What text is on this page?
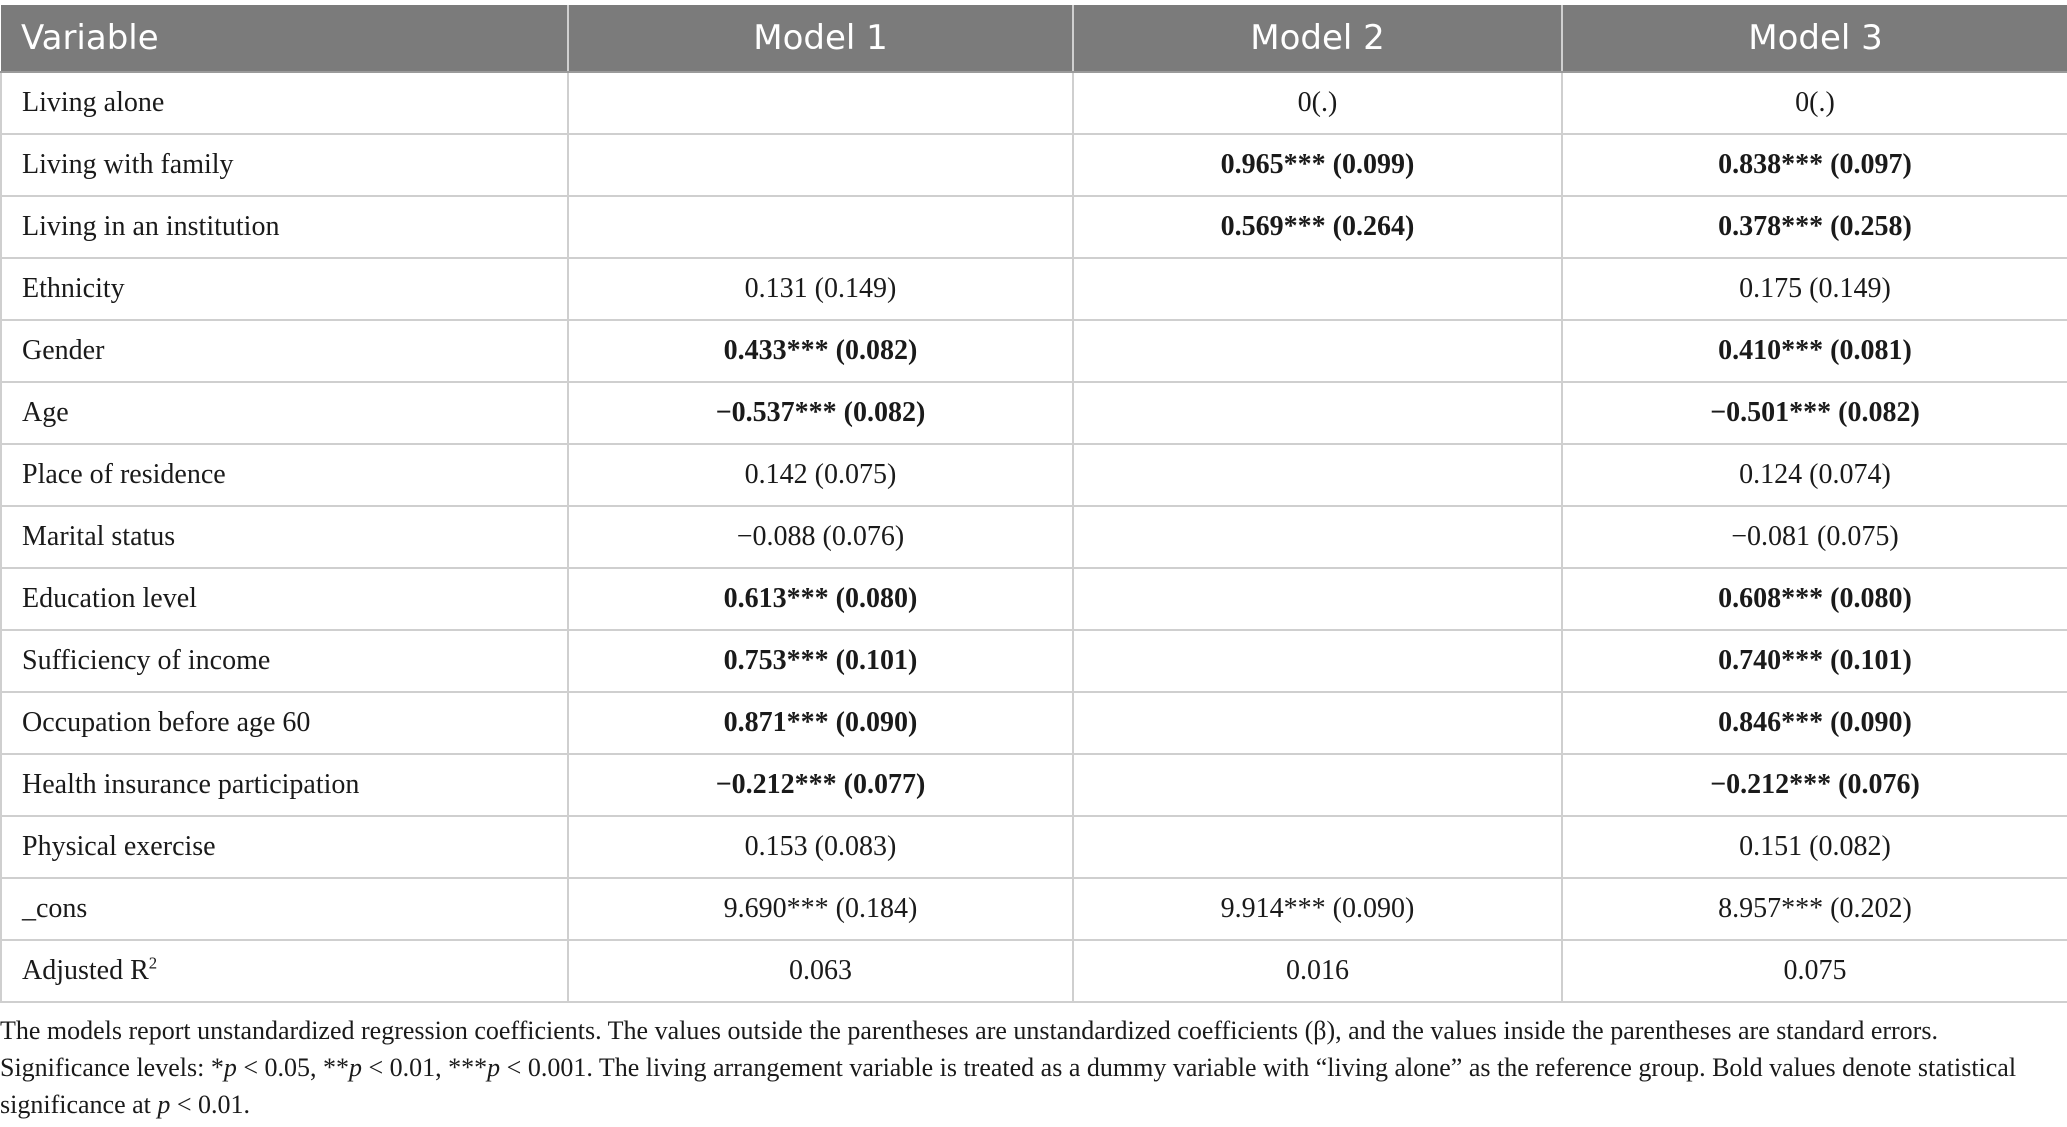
Variable	Model 1	Model 2	Model 3
Living alone		0(.)	0(.)
Living with family		0.965*** (0.099)	0.838*** (0.097)
Living in an institution		0.569*** (0.264)	0.378*** (0.258)
Ethnicity	0.131 (0.149)		0.175 (0.149)
Gender	0.433*** (0.082)		0.410*** (0.081)
Age	−0.537*** (0.082)		−0.501*** (0.082)
Place of residence	0.142 (0.075)		0.124 (0.074)
Marital status	−0.088 (0.076)		−0.081 (0.075)
Education level	0.613*** (0.080)		0.608*** (0.080)
Sufficiency of income	0.753*** (0.101)		0.740*** (0.101)
Occupation before age 60	0.871*** (0.090)		0.846*** (0.090)
Health insurance participation	−0.212*** (0.077)		−0.212*** (0.076)
Physical exercise	0.153 (0.083)		0.151 (0.082)
_cons	9.690*** (0.184)	9.914*** (0.090)	8.957*** (0.202)
Adjusted $R^2$	0.063	0.016	0.075

The models report unstandardized regression coefficients. The values outside the parentheses are unstandardized coefficients (β), and the values inside the parentheses are standard errors.

Significance levels: *p < 0.05, **p < 0.01, ***p < 0.001. The living arrangement variable is treated as a dummy variable with “living alone” as the reference group. Bold values denote statistical

significance at p < 0.01.
